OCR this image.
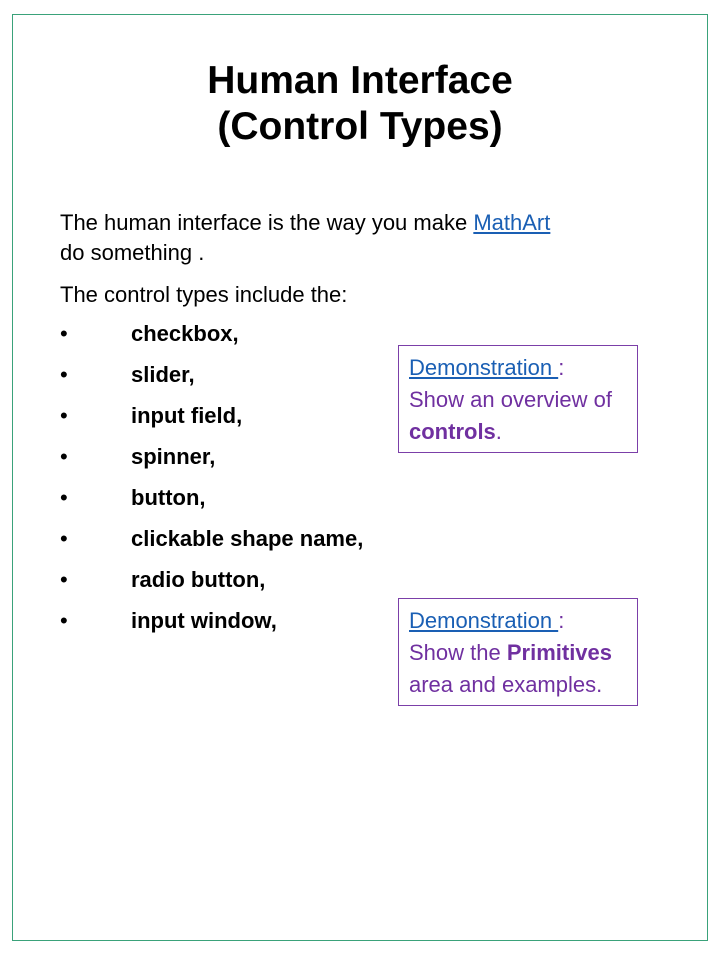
Human Interface
(Control Types)

The human interface is the way you make MathArt
do something .

The control types include the:

•	checkbox,
•	slider,
•	input field,
•	spinner,
•	button,
•	clickable shape name,
•	radio button,
•	input window,
Demonstration :
Show an overview of controls.
Demonstration :
Show the Primitives area and examples.
